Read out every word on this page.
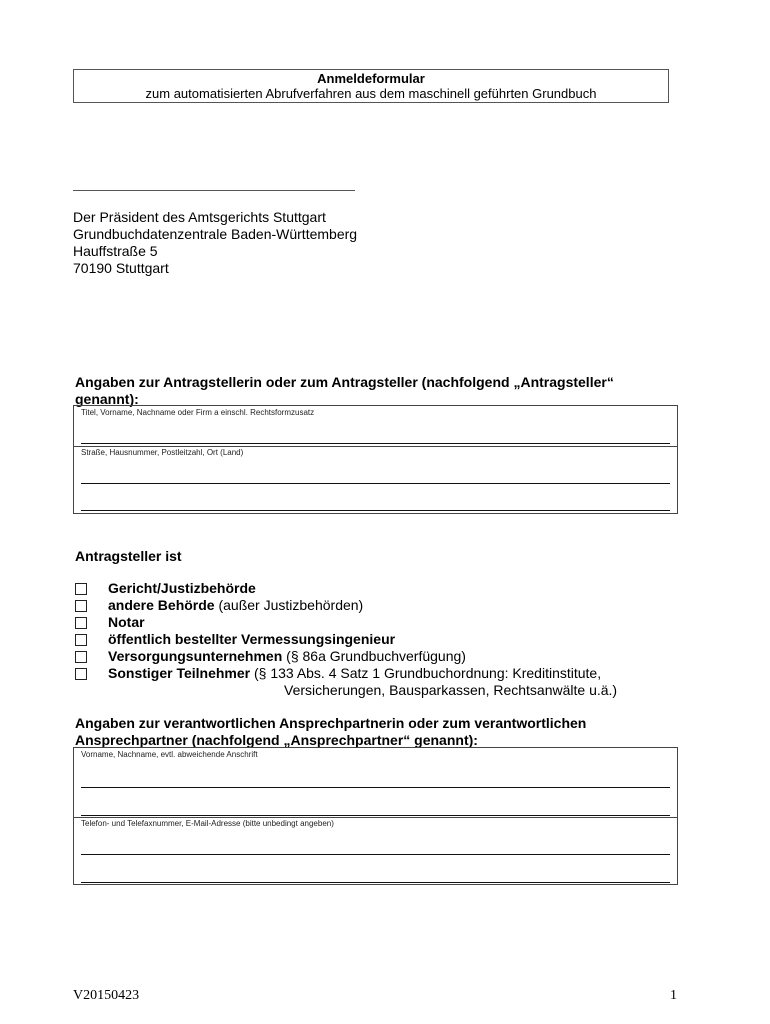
Anmeldeformular
zum automatisierten Abrufverfahren aus dem maschinell geführten Grundbuch
Der Präsident des Amtsgerichts Stuttgart
Grundbuchdatenzentrale Baden-Württemberg
Hauffstraße 5
70190 Stuttgart
Angaben zur Antragstellerin oder zum Antragsteller (nachfolgend „Antragsteller“
genannt):
Titel, Vorname, Nachname oder Firm a einschl. Rechtsformzusatz
Straße, Hausnummer, Postleitzahl, Ort (Land)
Antragsteller ist
Gericht/Justizbehörde
andere Behörde (außer Justizbehörden)
Notar
öffentlich bestellter Vermessungsingenieur
Versorgungsunternehmen (§ 86a Grundbuchverfügung)
Sonstiger Teilnehmer (§ 133 Abs. 4 Satz 1 Grundbuchordnung: Kreditinstitute,
Versicherungen, Bausparkassen, Rechtsanwälte u.ä.)
Angaben zur verantwortlichen Ansprechpartnerin oder zum verantwortlichen
Ansprechpartner (nachfolgend „Ansprechpartner“ genannt):
Vorname, Nachname, evtl. abweichende Anschrift
Telefon- und Telefaxnummer, E-Mail-Adresse (bitte unbedingt angeben)
V20150423	1
